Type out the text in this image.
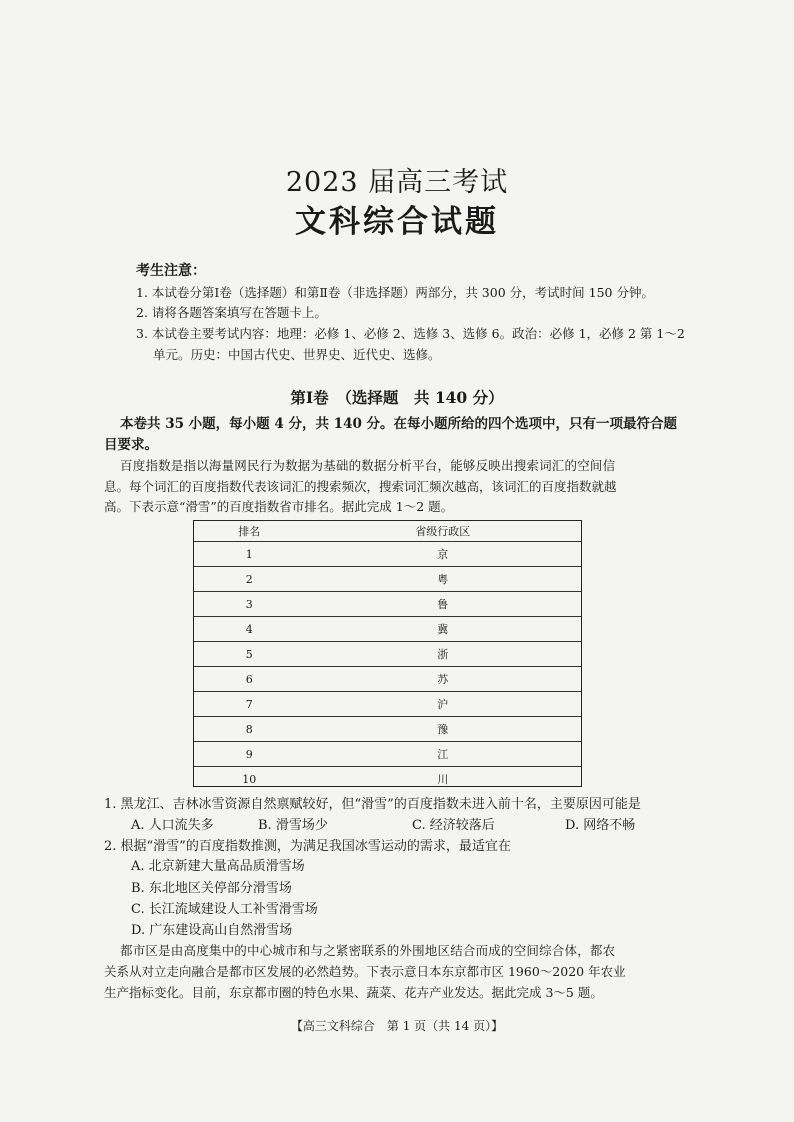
2023 届高三考试
文科综合试题
考生注意：
1. 本试卷分第Ⅰ卷（选择题）和第Ⅱ卷（非选择题）两部分，共 300 分，考试时间 150 分钟。
2. 请将各题答案填写在答题卡上。
3. 本试卷主要考试内容：地理：必修 1、必修 2、选修 3、选修 6。政治：必修 1，必修 2 第 1～2
单元。历史：中国古代史、世界史、近代史、选修。
第Ⅰ卷　（选择题　共 140 分）
本卷共 35 小题，每小题 4 分，共 140 分。在每小题所给的四个选项中，只有一项最符合题
目要求。
百度指数是指以海量网民行为数据为基础的数据分析平台，能够反映出搜索词汇的空间信
息。每个词汇的百度指数代表该词汇的搜索频次，搜索词汇频次越高，该词汇的百度指数就越
高。下表示意“滑雪”的百度指数省市排名。据此完成 1～2 题。
排名	省级行政区
1	京
2	粤
3	鲁
4	冀
5	浙
6	苏
7	沪
8	豫
9	江
10	川
1. 黑龙江、吉林冰雪资源自然禀赋较好，但“滑雪”的百度指数未进入前十名，主要原因可能是
A. 人口流失多	B. 滑雪场少	C. 经济较落后	D. 网络不畅
2. 根据“滑雪”的百度指数推测，为满足我国冰雪运动的需求，最适宜在
A. 北京新建大量高品质滑雪场
B. 东北地区关停部分滑雪场
C. 长江流域建设人工补雪滑雪场
D. 广东建设高山自然滑雪场
都市区是由高度集中的中心城市和与之紧密联系的外围地区结合而成的空间综合体，都农
关系从对立走向融合是都市区发展的必然趋势。下表示意日本东京都市区 1960～2020 年农业
生产指标变化。目前，东京都市圈的特色水果、蔬菜、花卉产业发达。据此完成 3～5 题。
【高三文科综合　第 1 页（共 14 页）】
